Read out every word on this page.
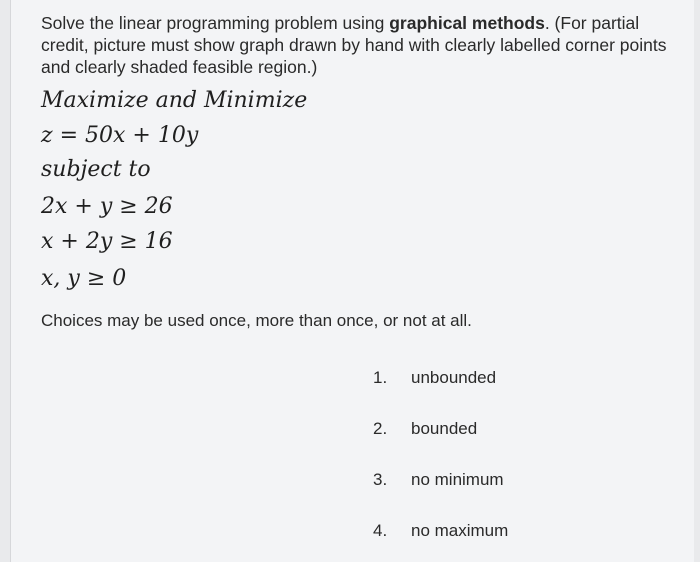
Solve the linear programming problem using graphical methods. (For partial credit, picture must show graph drawn by hand with clearly labelled corner points and clearly shaded feasible region.)

Maximize and Minimize
z = 50x + 10y
subject to
2x + y ≥ 26
x + 2y ≥ 16
x, y ≥ 0
Choices may be used once, more than once, or not at all.
1. unbounded
2. bounded
3. no minimum
4. no maximum
